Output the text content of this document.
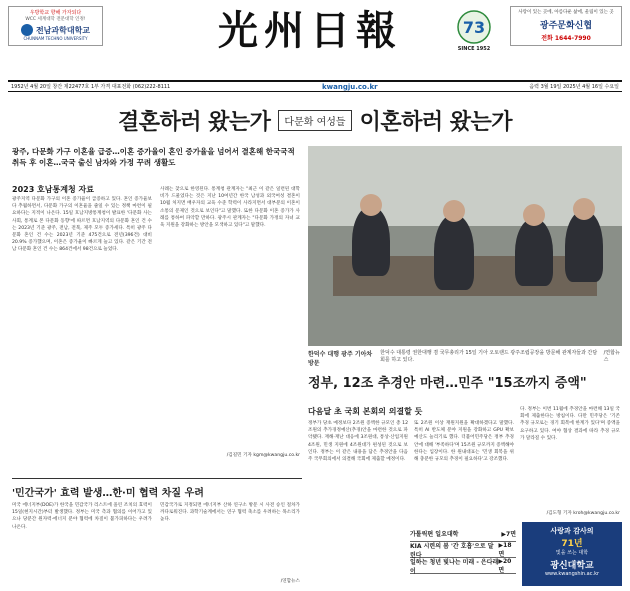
우방학교 향해 가자되다
WCC 세계대학 전문대학 인정!
전남과학대학교
CHUNNAM TECHNO UNIVERSITY	光州日報	73
SINCE 1952
사랑이 있는 곳에, 아름다운 삶에, 울림이 있는 곳
광주문화신협
전화 1644-7990
1952년 4월 20일 창간 제22477호 1부 가격 대표전화 (062)222-8111	kwangju.co.kr	음력 3월 19일 2025년 4월 16일 수요일
결혼하러 왔는가	다문화 여성들 이혼하러 왔는가
광주, 다문화 가구 이혼율 급증…이혼 증가율이 혼인 증가율을 넘어서 결혼해 한국국적 취득 후 이혼…국국 출신 남자와 가정 꾸려 생활도
2023 호남통계청 자료
광주지역 다문화 가구의 이혼 증가율이 급증하고 있다. 혼인 증가율보다 추월하면서, 다문화 가구의 이혼율을 줄일 수 있는 정책 마련이 필요하다는 지적이 나온다. 15일 호남지방통계청이 발표한 '다문화 사는 사회, 통계로 본 다문화 동향'에 따르면 호남지역의 다문화 혼인 건 수는 2023년 기준 광주, 전남, 전북, 제주 모두 증가세다. 특히 광주 다문화 혼인 건 수는 2023년 기준 475건으로 전년(396건) 대비 20.9% 증가했으며, 이혼은 증가율이 빠르게 늘고 있다. 같은 기간 전남 다문화 혼인 건 수는 864건에서 98건으로 늘었다.
사례는 찾으로 한영된다. 통계청 관계자는 "최근 이 같은 일련된 대학비가 드물었다는 것은 지난 10여년간 한국 남성과 외국여성 결혼이 10월 처지면 배우자의 교육 수준 학력이 사라지면서 대부분의 이혼이 소통의 문제인 것으로 보인다"고 말했다. 또한 다문화 이혼 증가가 사례를 통하여 파악할 만하다. 광주시 관계자는 "다문화 가정의 자녀 교육 지원을 강화하는 방안을 모색하고 있다"고 말했다.
/김길민 기자 kgm@kwangju.co.kr
한덕수 대행 광주 기아차 방문
한덕수 대통령 권한대행 겸 국무총리가 15일 기아 오토랜드 광주조립공장을 방문해 관계자들과 간담회를 하고 있다.
/연합뉴스
정부, 12조 추경안 마련…민주 "15조까지 증액"
다음달 초 국회 본회의 의결할 듯
정부가 당초 예정보다 2조원 증액한 규모인 총 12조원의 추가경정예산(추경)안을 마련한 것으로 파악됐다. 재해·재난 대응에 3조원대, 통상·산업지원 4조원, 민생 지원에 4조원대가 편성된 것으로 보인다. 정부는 이 같은 내용을 담은 추경안을 다음주 국무회의에서 의결해 국회에 제출할 예정이다.
또 2조원 이상 재원지원을 확대하겠다고 말했다. 특히 AI 반도체 분야 지원을 강화하고 GPU 확보 예산도 늘리기로 했다. 더불어민주당은 정부 추경안에 대해 '부족하다'며 15조원 규모까지 증액해야 한다는 입장이다. 한 원내대표는 '민생 회복을 위해 충분한 규모의 추경이 필요하다'고 강조했다.
다. 정부는 이번 11월에 추경안을 마련해 13일 국회에 제출한다는 방침이다. 다만 민주당은 '기존 추경 규모로는 경기 회복에 한계가 있다'며 증액을 요구하고 있다. 여야 협상 결과에 따라 추경 규모가 달라질 수 있다.
/김도형 기자 kroh@kwangju.co.kr
'민간국가' 효력 발생…한·미 협력 차질 우려
미국 에너지부(DOE)가 한국을 민감국가 리스트에 올린 조치의 효력이 15일(현지시간)부터 발생했다. 정부는 미국 측과 협의를 이어가고 있으나 당분간 원자력·에너지 분야 협력에 차질이 불가피하다는 우려가 나온다.
민감국가로 지정되면 에너지부 산하 연구소 방문 시 사전 승인 절차가 까다로워진다. 과학기술계에서는 연구 협력 축소를 우려하는 목소리가 높다.
/연합뉴스
가톨릭편 일요대학	▶7면
KIA 시련의 봄 '간 호흡'으로 달린다
▶18면
일하는 청년 빛나는 미래 - 은다래이
▶20면
사랑과 감사의
71년
빛을 쓰는 대학
광신대학교
www.kwangshin.ac.kr
